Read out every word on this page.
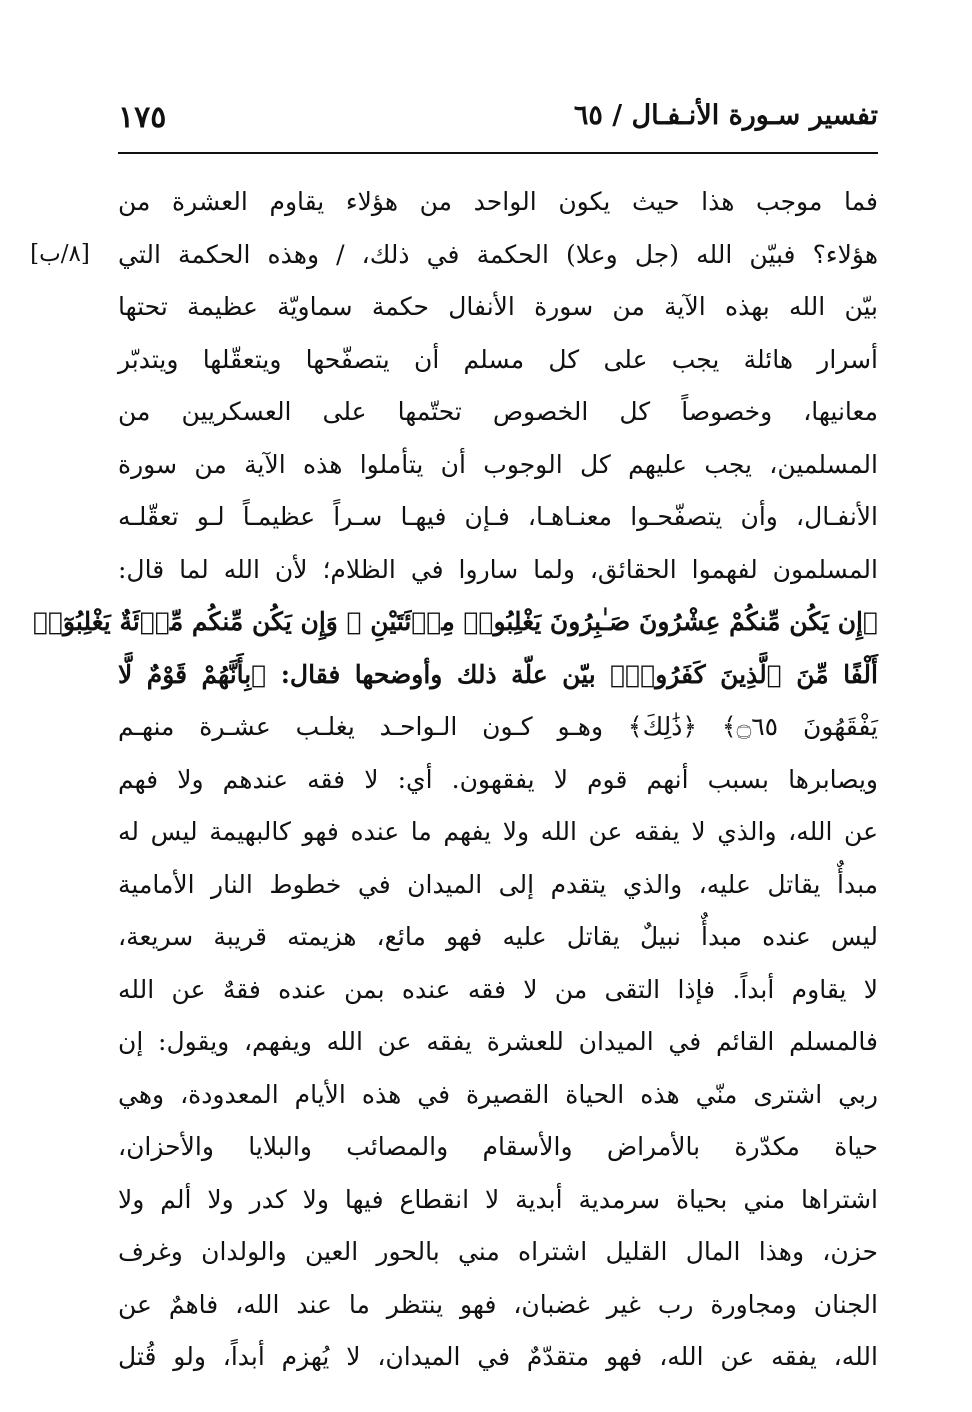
تفسير سـورة الأنـفـال / ٦٥
١٧٥
[٨/ب]
فما موجب هذا حيث يكون الواحد من هؤلاء يقاوم العشرة من
هؤلاء؟ فبيّن الله (جل وعلا) الحكمة في ذلك، / وهذه الحكمة التي
بيّن الله بهذه الآية من سورة الأنفال حكمة سماويّة عظيمة تحتها
أسرار هائلة يجب على كل مسلم أن يتصفّحها ويتعقّلها ويتدبّر
معانيها، وخصوصاً كل الخصوص تحتّمها على العسكريين من
المسلمين، يجب عليهم كل الوجوب أن يتأملوا هذه الآية من سورة
الأنفـال، وأن يتصفّحـوا معنـاهـا، فـإن فيهـا سـراً عظيمـاً لـو تعقّلـه
المسلمون لفهموا الحقائق، ولما ساروا في الظلام؛ لأن الله لما قال:
﴿إِن يَكُن مِّنكُمْ عِشْرُونَ صَـٰبِرُونَ يَغْلِبُوا۟ مِا۟ئَتَيْنِ ۚ وَإِن يَكُن مِّنكُم مِّا۟ئَةٌ يَغْلِبُوٓا۟
أَلْفًا مِّنَ ٱلَّذِينَ كَفَرُوا۟﴾ بيّن علّة ذلك وأوضحها فقال: ﴿بِأَنَّهُمْ قَوْمٌ لَّا
يَفْقَهُونَ ۝٦٥﴾ ﴿ذَٰلِكَ﴾ وهـو كـون الـواحـد يغلـب عشـرة منهـم
ويصابرها بسبب أنهم قوم لا يفقهون. أي: لا فقه عندهم ولا فهم
عن الله، والذي لا يفقه عن الله ولا يفهم ما عنده فهو كالبهيمة ليس له
مبدأٌ يقاتل عليه، والذي يتقدم إلى الميدان في خطوط النار الأمامية
ليس عنده مبدأٌ نبيلٌ يقاتل عليه فهو مائع، هزيمته قريبة سريعة،
لا يقاوم أبداً. فإذا التقى من لا فقه عنده بمن عنده فقهٌ عن الله
فالمسلم القائم في الميدان للعشرة يفقه عن الله ويفهم، ويقول: إن
ربي اشترى منّي هذه الحياة القصيرة في هذه الأيام المعدودة، وهي
حياة مكدّرة بالأمراض والأسقام والمصائب والبلايا والأحزان،
اشتراها مني بحياة سرمدية أبدية لا انقطاع فيها ولا كدر ولا ألم ولا
حزن، وهذا المال القليل اشتراه مني بالحور العين والولدان وغرف
الجنان ومجاورة رب غير غضبان، فهو ينتظر ما عند الله، فاهمٌ عن
الله، يفقه عن الله، فهو متقدّمٌ في الميدان، لا يُهزم أبداً، ولو قُتل
